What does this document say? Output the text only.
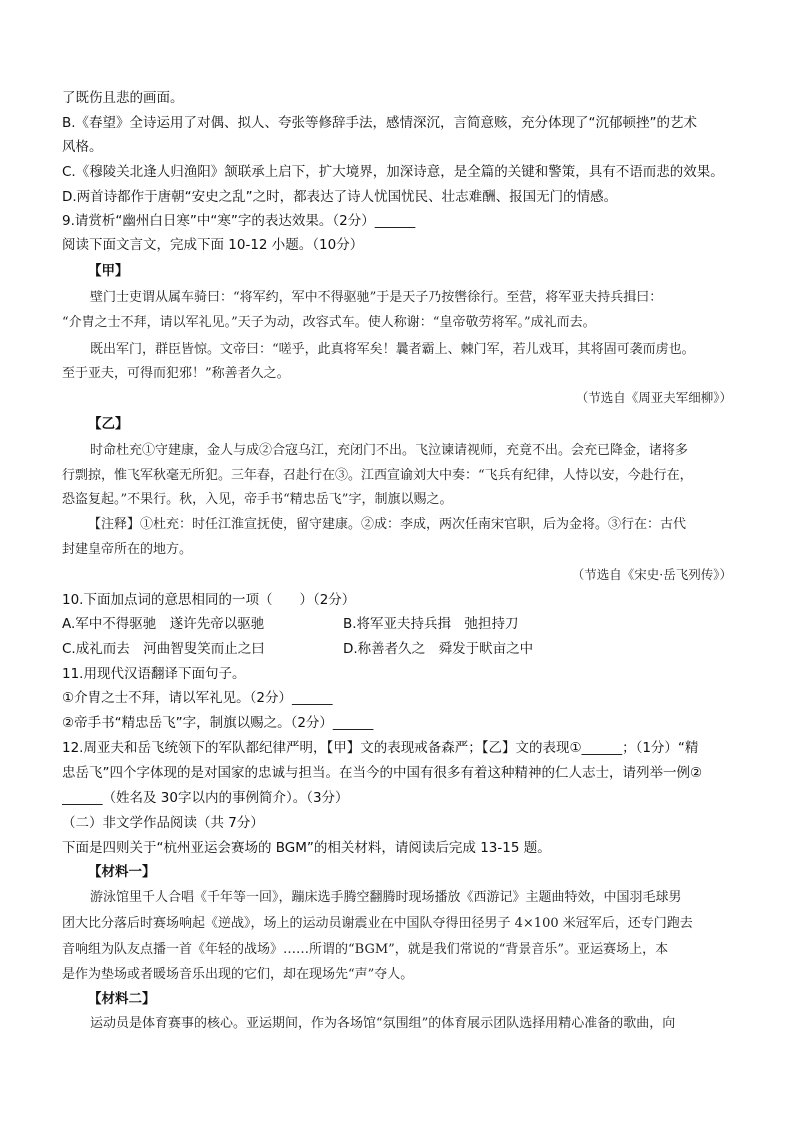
了既伤且悲的画面。
B.《春望》全诗运用了对偶、拟人、夸张等修辞手法，感情深沉，言简意赅，充分体现了“沉郁顿挫”的艺术
风格。
C.《穆陵关北逢人归渔阳》颔联承上启下，扩大境界，加深诗意，是全篇的关键和警策，具有不语而悲的效果。
D.两首诗都作于唐朝“安史之乱”之时，都表达了诗人忧国忧民、壮志难酬、报国无门的情感。
9.请赏析“幽州白日寒”中“寒”字的表达效果。（2分）______
阅读下面文言文，完成下面 10-12 小题。（10分）
【甲】
壁门士吏谓从属车骑曰：“将军约，军中不得驱驰”于是天子乃按辔徐行。至营，将军亚夫持兵揖曰：
“介胄之士不拜，请以军礼见。”天子为动，改容式车。使人称谢：“皇帝敬劳将军。”成礼而去。
既出军门，群臣皆惊。文帝曰：“嗟乎，此真将军矣！曩者霸上、棘门军，若儿戏耳，其将固可袭而虏也。
至于亚夫，可得而犯邪！”称善者久之。
（节选自《周亚夫军细柳》）
【乙】
时命杜充①守建康，金人与成②合寇乌江，充闭门不出。飞泣谏请视师，充竟不出。会充已降金，诸将多
行剽掠，惟飞军秋毫无所犯。三年春，召赴行在③。江西宣谕刘大中奏：“飞兵有纪律，人恃以安，今赴行在，
恐盗复起。”不果行。秋，入见，帝手书“精忠岳飞”字，制旗以赐之。
【注释】①杜充：时任江淮宣抚使，留守建康。②成：李成，两次任南宋官职，后为金将。③行在：古代
封建皇帝所在的地方。
（节选自《宋史·岳飞列传》）
10.下面加点词的意思相同的一项（　　）（2分）
A.军中不得驱驰　遂许先帝以驱驰	B.将军亚夫持兵揖　弛担持刀
C.成礼而去　河曲智叟笑而止之曰	D.称善者久之　舜发于畎亩之中
11.用现代汉语翻译下面句子。
①介胄之士不拜，请以军礼见。（2分）______
②帝手书“精忠岳飞”字，制旗以赐之。（2分）______
12.周亚夫和岳飞统领下的军队都纪律严明，【甲】文的表现戒备森严；【乙】文的表现①______；（1分）“精
忠岳飞”四个字体现的是对国家的忠诚与担当。在当今的中国有很多有着这种精神的仁人志士，请列举一例②
______（姓名及 30字以内的事例简介）。（3分）
（二）非文学作品阅读（共 7分）
下面是四则关于“杭州亚运会赛场的 BGM”的相关材料，请阅读后完成 13-15 题。
【材料一】
游泳馆里千人合唱《千年等一回》，蹦床选手腾空翻腾时现场播放《西游记》主题曲特效，中国羽毛球男
团大比分落后时赛场响起《逆战》，场上的运动员谢震业在中国队夺得田径男子 4×100 米冠军后，还专门跑去
音响组为队友点播一首《年轻的战场》……所谓的“BGM”，就是我们常说的“背景音乐”。亚运赛场上，本
是作为垫场或者暖场音乐出现的它们，却在现场先“声”夺人。
【材料二】
运动员是体育赛事的核心。亚运期间，作为各场馆“氛围组”的体育展示团队选择用精心准备的歌曲，向
